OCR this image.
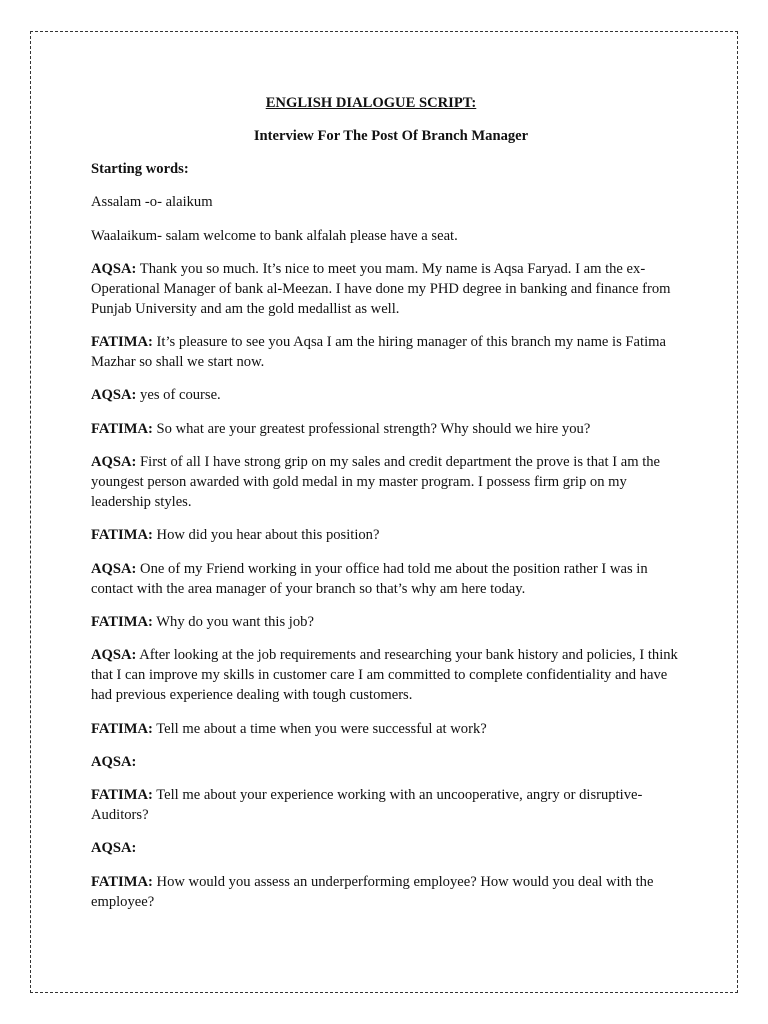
ENGLISH DIALOGUE SCRIPT:

Interview For The Post Of Branch Manager

Starting words:

Assalam -o- alaikum

Waalaikum- salam welcome to bank alfalah please have a seat.

AQSA: Thank you so much. It’s nice to meet you mam. My name is Aqsa Faryad. I am the ex-Operational Manager of bank al-Meezan. I have done my PHD degree in banking and finance from Punjab University and am the gold medallist as well.

FATIMA: It’s pleasure to see you Aqsa I am the hiring manager of this branch my name is Fatima Mazhar so shall we start now.

AQSA: yes of course.

FATIMA: So what are your greatest professional strength? Why should we hire you?

AQSA: First of all I have strong grip on my sales and credit department the prove is that I am the youngest person awarded with gold medal in my master program. I possess firm grip on my leadership styles.

FATIMA: How did you hear about this position?

AQSA: One of my Friend working in your office had told me about the position rather I was in contact with the area manager of your branch so that’s why am here today.

FATIMA: Why do you want this job?

AQSA: After looking at the job requirements and researching your bank history and policies, I think that I can improve my skills in customer care I am committed to complete confidentiality and have had previous experience dealing with tough customers.

FATIMA: Tell me about a time when you were successful at work?

AQSA:

FATIMA: Tell me about your experience working with an uncooperative, angry or disruptive- Auditors?

AQSA:

FATIMA: How would you assess an underperforming employee? How would you deal with the employee?
